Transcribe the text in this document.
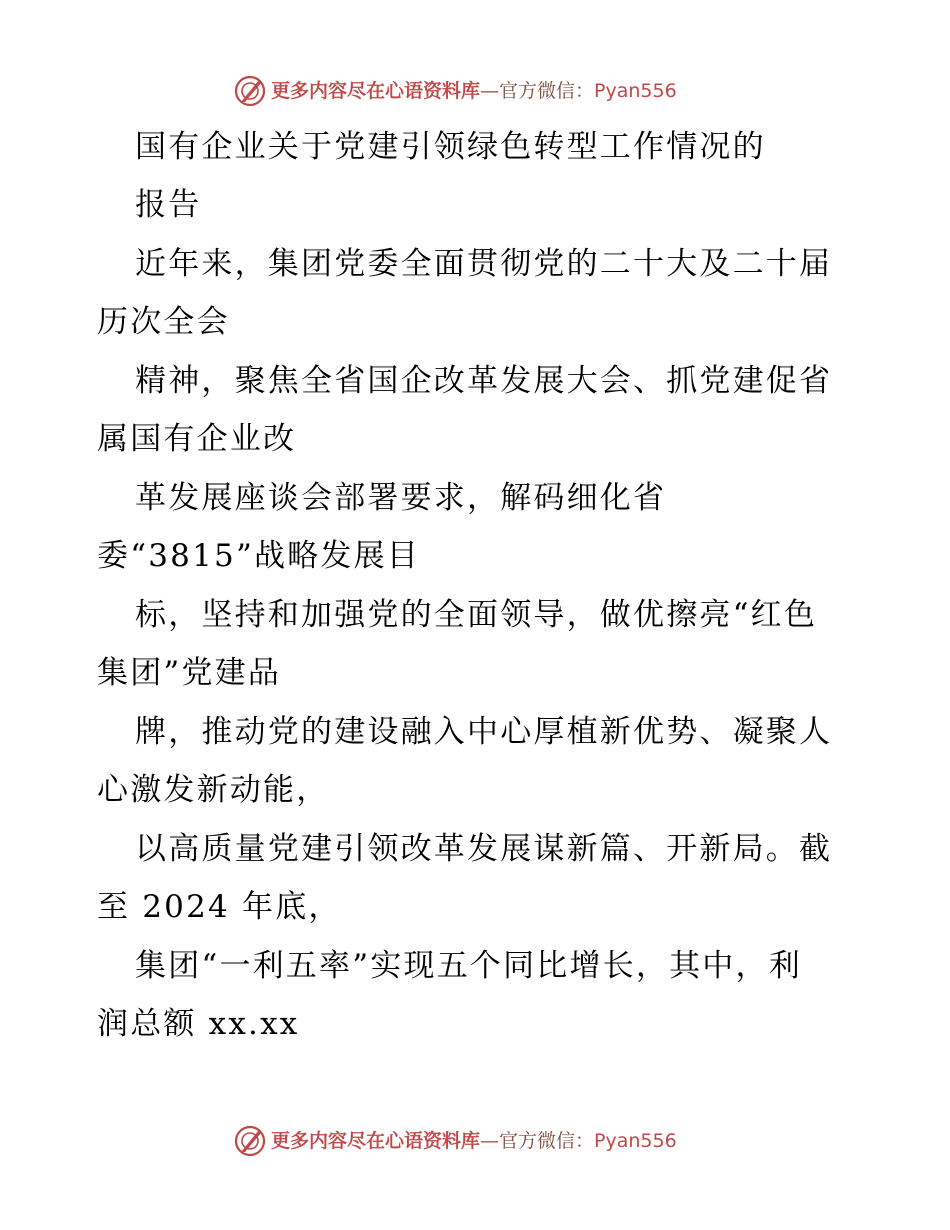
更多内容尽在心语资料库—官方微信：Pyan556
国有企业关于党建引领绿色转型工作情况的
报告
近年来，集团党委全面贯彻党的二十大及二十届
历次全会
精神，聚焦全省国企改革发展大会、抓党建促省
属国有企业改
革发展座谈会部署要求，解码细化省
委“3815”战略发展目
标，坚持和加强党的全面领导，做优擦亮“红色
集团”党建品
牌，推动党的建设融入中心厚植新优势、凝聚人
心激发新动能，
以高质量党建引领改革发展谋新篇、开新局。截
至 2024 年底，
集团“一利五率”实现五个同比增长，其中，利
润总额 xx.xx
更多内容尽在心语资料库—官方微信：Pyan556
